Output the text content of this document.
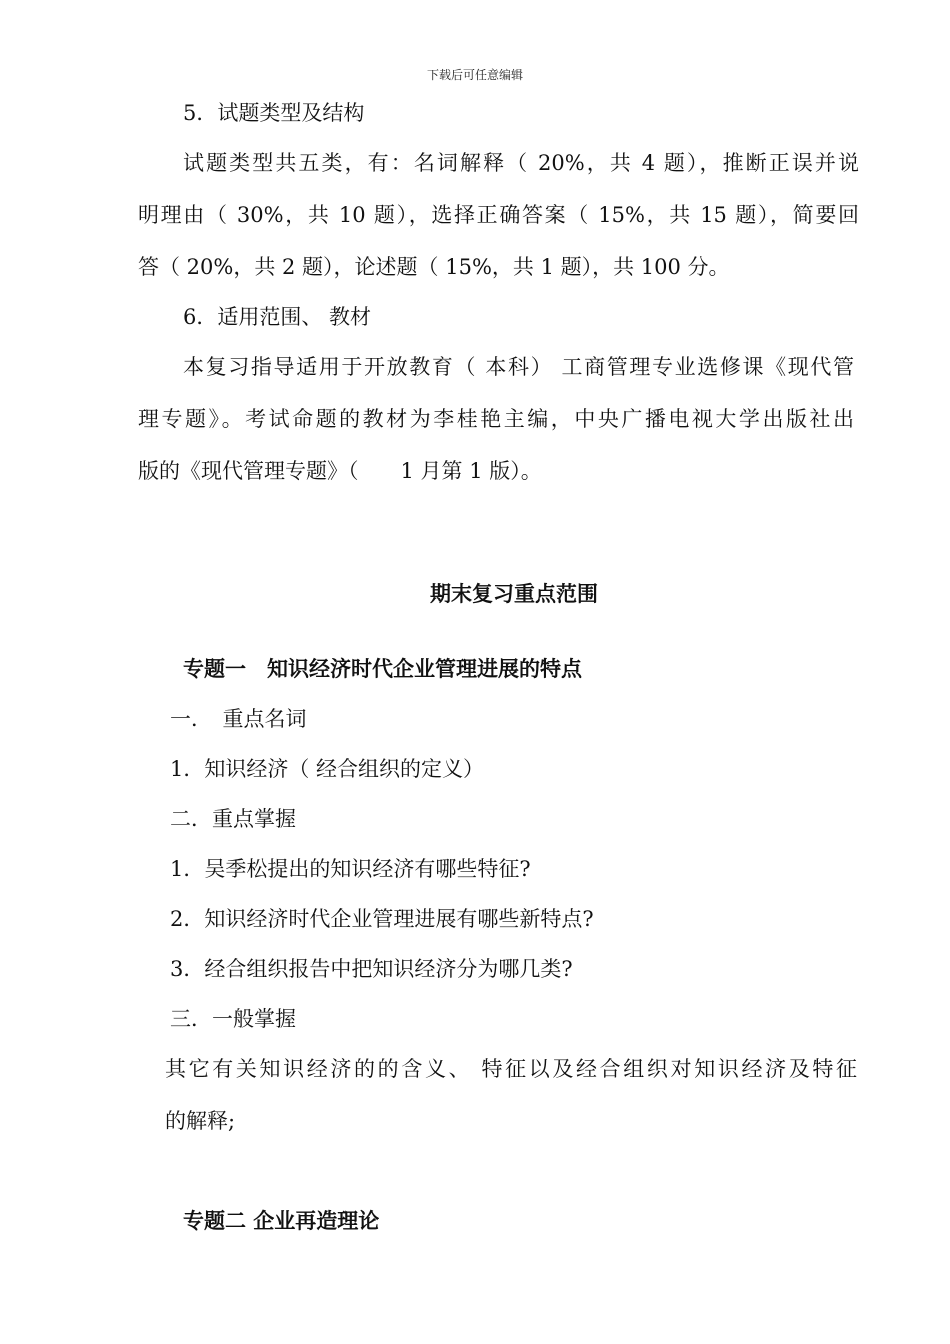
下载后可任意编辑
5．试题类型及结构
试题类型共五类，有：名词解释（ 20%，共 4 题），推断正误并说
明理由（ 30%，共 10 题），选择正确答案（ 15%，共 15 题），简要回
答（ 20%，共 2 题），论述题（ 15%，共 1 题），共 100 分。
6．适用范围、 教材
本复习指导适用于开放教育（ 本科） 工商管理专业选修课《现代管
理专题》。考试命题的教材为李桂艳主编，中央广播电视大学出版社出
版的《现代管理专题》（　　1 月第 1 版）。
期末复习重点范围
专题一　知识经济时代企业管理进展的特点
一．　重点名词
1．知识经济（ 经合组织的定义）
二．重点掌握
1．吴季松提出的知识经济有哪些特征?
2．知识经济时代企业管理进展有哪些新特点?
3．经合组织报告中把知识经济分为哪几类?
三．一般掌握
其它有关知识经济的的含义、 特征以及经合组织对知识经济及特征
的解释;
专题二 企业再造理论
